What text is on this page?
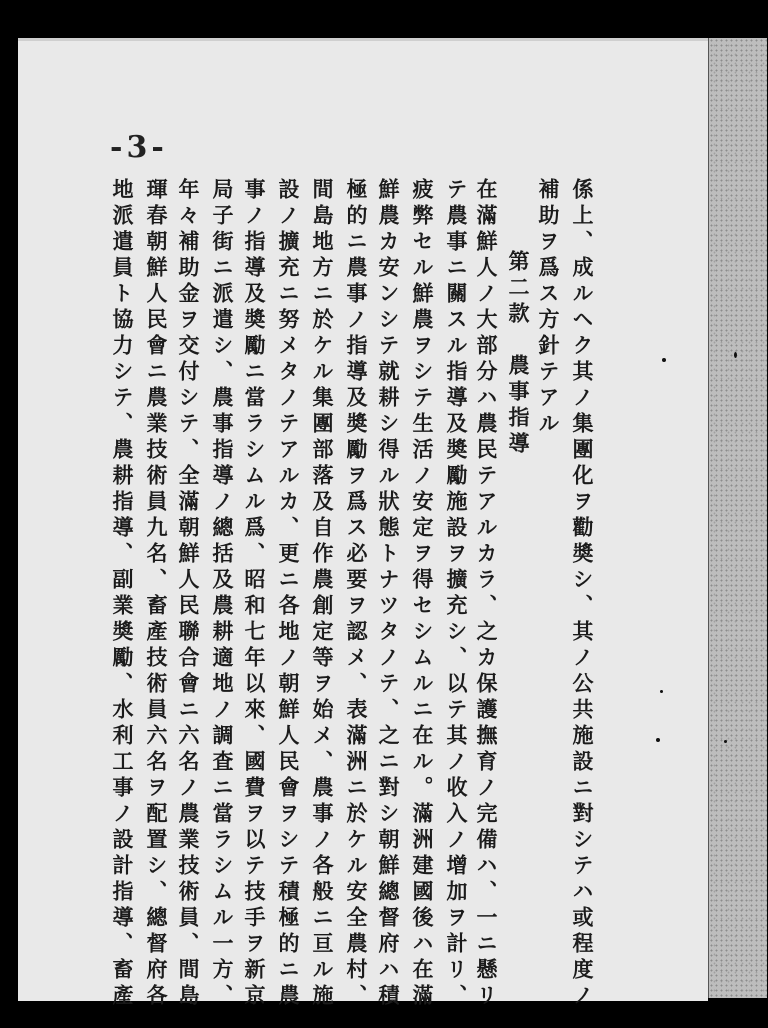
-3-
係上、成ルヘク其ノ集團化ヲ勸奬シ、其ノ公共施設ニ對シテハ或程度ノ
補助ヲ爲ス方針テアル
第二款　農事指導
在滿鮮人ノ大部分ハ農民テアルカラ、之カ保護撫育ノ完備ハ、一ニ懸リ
テ農事ニ關スル指導及奬勵施設ヲ擴充シ、以テ其ノ收入ノ增加ヲ計リ、
疲弊セル鮮農ヲシテ生活ノ安定ヲ得セシムルニ在ル。滿洲建國後ハ在滿
鮮農カ安ンシテ就耕シ得ル狀態トナツタノテ、之ニ對シ朝鮮總督府ハ積
極的ニ農事ノ指導及奬勵ヲ爲ス必要ヲ認メ、表滿洲ニ於ケル安全農村、
間島地方ニ於ケル集團部落及自作農創定等ヲ始メ、農事ノ各般ニ亘ル施
設ノ擴充ニ努メタノテアルカ、更ニ各地ノ朝鮮人民會ヲシテ積極的ニ農
事ノ指導及奬勵ニ當ラシムル爲、昭和七年以來、國費ヲ以テ技手ヲ新京
局子街ニ派遣シ、農事指導ノ總括及農耕適地ノ調査ニ當ラシムル一方、
年々補助金ヲ交付シテ、全滿朝鮮人民聯合會ニ六名ノ農業技術員、間島
琿春朝鮮人民會ニ農業技術員九名、畜產技術員六名ヲ配置シ、總督府各
地派遣員ト協力シテ、農耕指導、副業奬勵、水利工事ノ設計指導、畜產
